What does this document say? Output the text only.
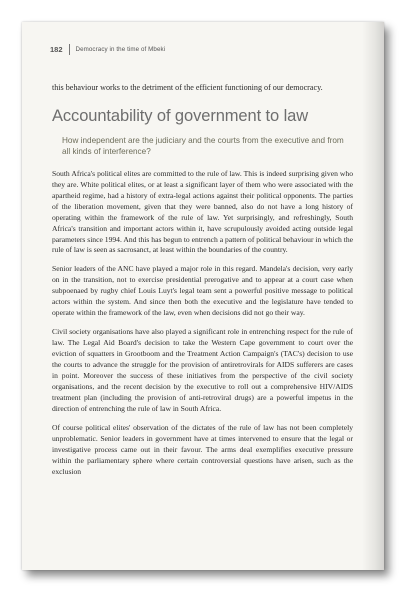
182	Democracy in the time of Mbeki

this behaviour works to the detriment of the efficient functioning of our democracy.

Accountability of government to law

How independent are the judiciary and the courts from the executive and from all kinds of interference?

South Africa's political elites are committed to the rule of law. This is indeed surprising given who they are. White political elites, or at least a significant layer of them who were associated with the apartheid regime, had a history of extra-legal actions against their political opponents. The parties of the liberation movement, given that they were banned, also do not have a long history of operating within the framework of the rule of law. Yet surprisingly, and refreshingly, South Africa's transition and important actors within it, have scrupulously avoided acting outside legal parameters since 1994. And this has begun to entrench a pattern of political behaviour in which the rule of law is seen as sacrosanct, at least within the boundaries of the country.

Senior leaders of the ANC have played a major role in this regard. Mandela's decision, very early on in the transition, not to exercise presidential prerogative and to appear at a court case when subpoenaed by rugby chief Louis Luyt's legal team sent a powerful positive message to political actors within the system. And since then both the executive and the legislature have tended to operate within the framework of the law, even when decisions did not go their way.

Civil society organisations have also played a significant role in entrenching respect for the rule of law. The Legal Aid Board's decision to take the Western Cape government to court over the eviction of squatters in Grootboom and the Treatment Action Campaign's (TAC's) decision to use the courts to advance the struggle for the provision of antiretrovirals for AIDS sufferers are cases in point. Moreover the success of these initiatives from the perspective of the civil society organisations, and the recent decision by the executive to roll out a comprehensive HIV/AIDS treatment plan (including the provision of anti-retroviral drugs) are a powerful impetus in the direction of entrenching the rule of law in South Africa.

Of course political elites' observation of the dictates of the rule of law has not been completely unproblematic. Senior leaders in government have at times intervened to ensure that the legal or investigative process came out in their favour. The arms deal exemplifies executive pressure within the parliamentary sphere where certain controversial questions have arisen, such as the exclusion
